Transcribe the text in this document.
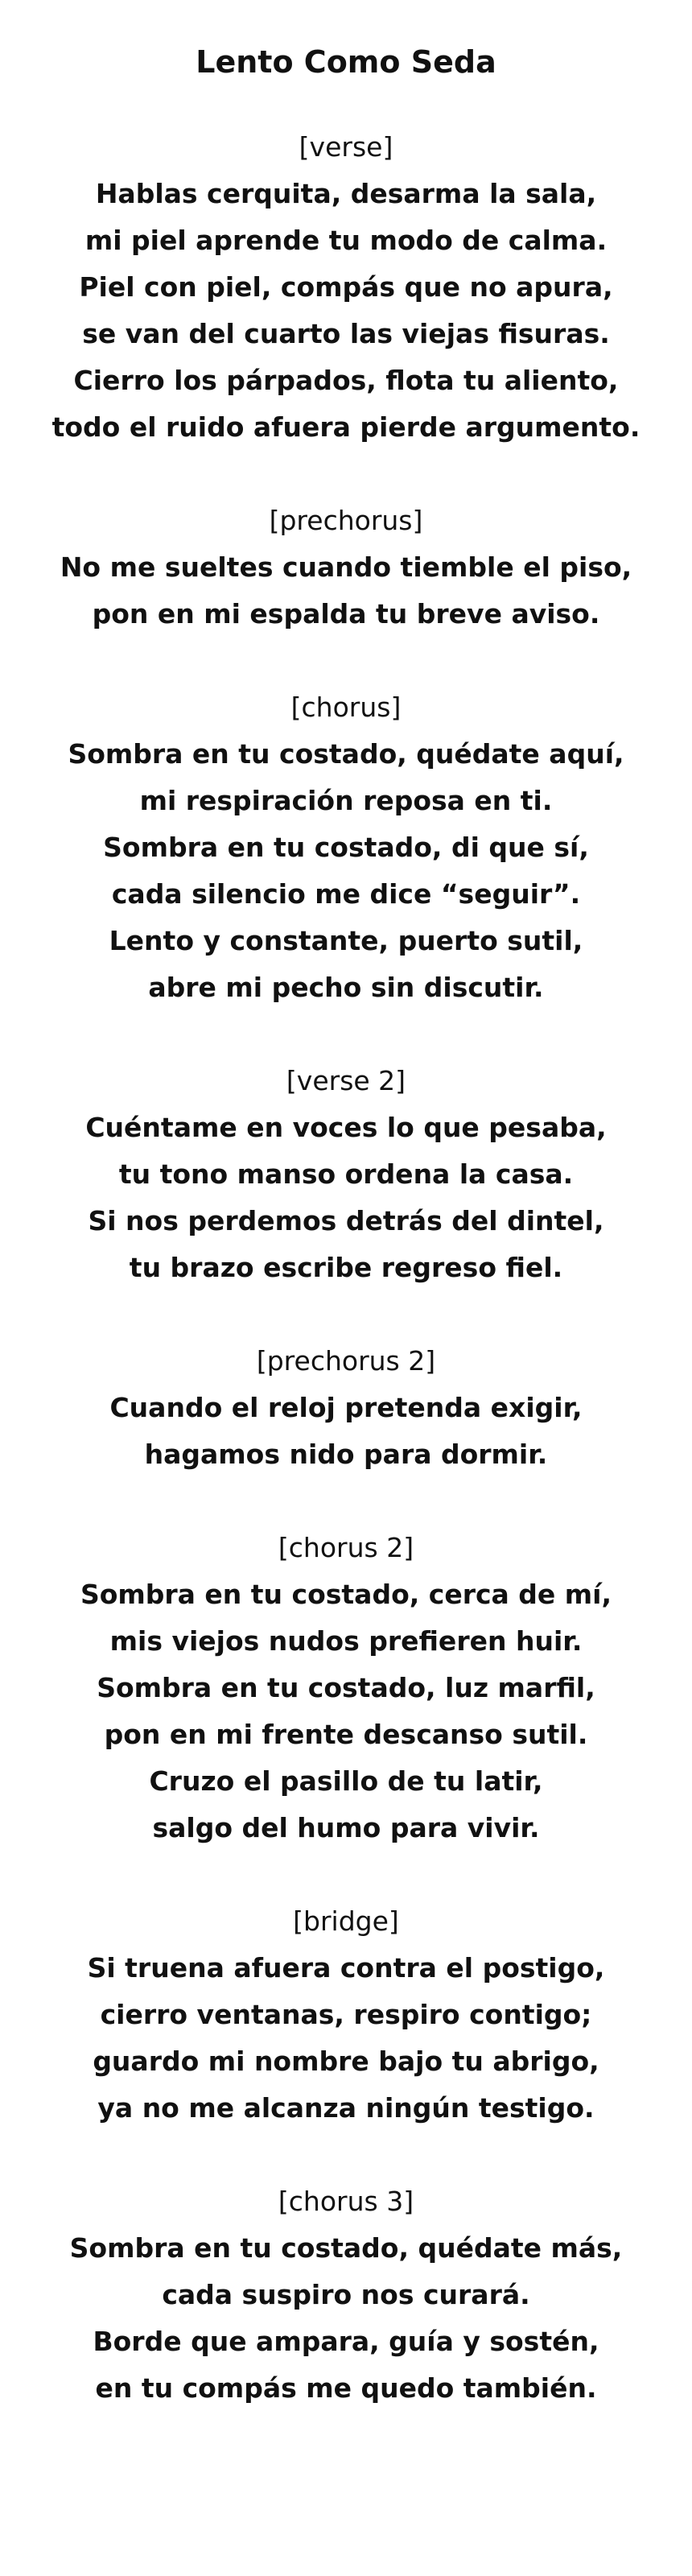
Lento Como Seda
[verse]
Hablas cerquita, desarma la sala,
mi piel aprende tu modo de calma.
Piel con piel, compás que no apura,
se van del cuarto las viejas fisuras.
Cierro los párpados, flota tu aliento,
todo el ruido afuera pierde argumento.
[prechorus]
No me sueltes cuando tiemble el piso,
pon en mi espalda tu breve aviso.
[chorus]
Sombra en tu costado, quédate aquí,
mi respiración reposa en ti.
Sombra en tu costado, di que sí,
cada silencio me dice “seguir”.
Lento y constante, puerto sutil,
abre mi pecho sin discutir.
[verse 2]
Cuéntame en voces lo que pesaba,
tu tono manso ordena la casa.
Si nos perdemos detrás del dintel,
tu brazo escribe regreso fiel.
[prechorus 2]
Cuando el reloj pretenda exigir,
hagamos nido para dormir.
[chorus 2]
Sombra en tu costado, cerca de mí,
mis viejos nudos prefieren huir.
Sombra en tu costado, luz marfil,
pon en mi frente descanso sutil.
Cruzo el pasillo de tu latir,
salgo del humo para vivir.
[bridge]
Si truena afuera contra el postigo,
cierro ventanas, respiro contigo;
guardo mi nombre bajo tu abrigo,
ya no me alcanza ningún testigo.
[chorus 3]
Sombra en tu costado, quédate más,
cada suspiro nos curará.
Borde que ampara, guía y sostén,
en tu compás me quedo también.
